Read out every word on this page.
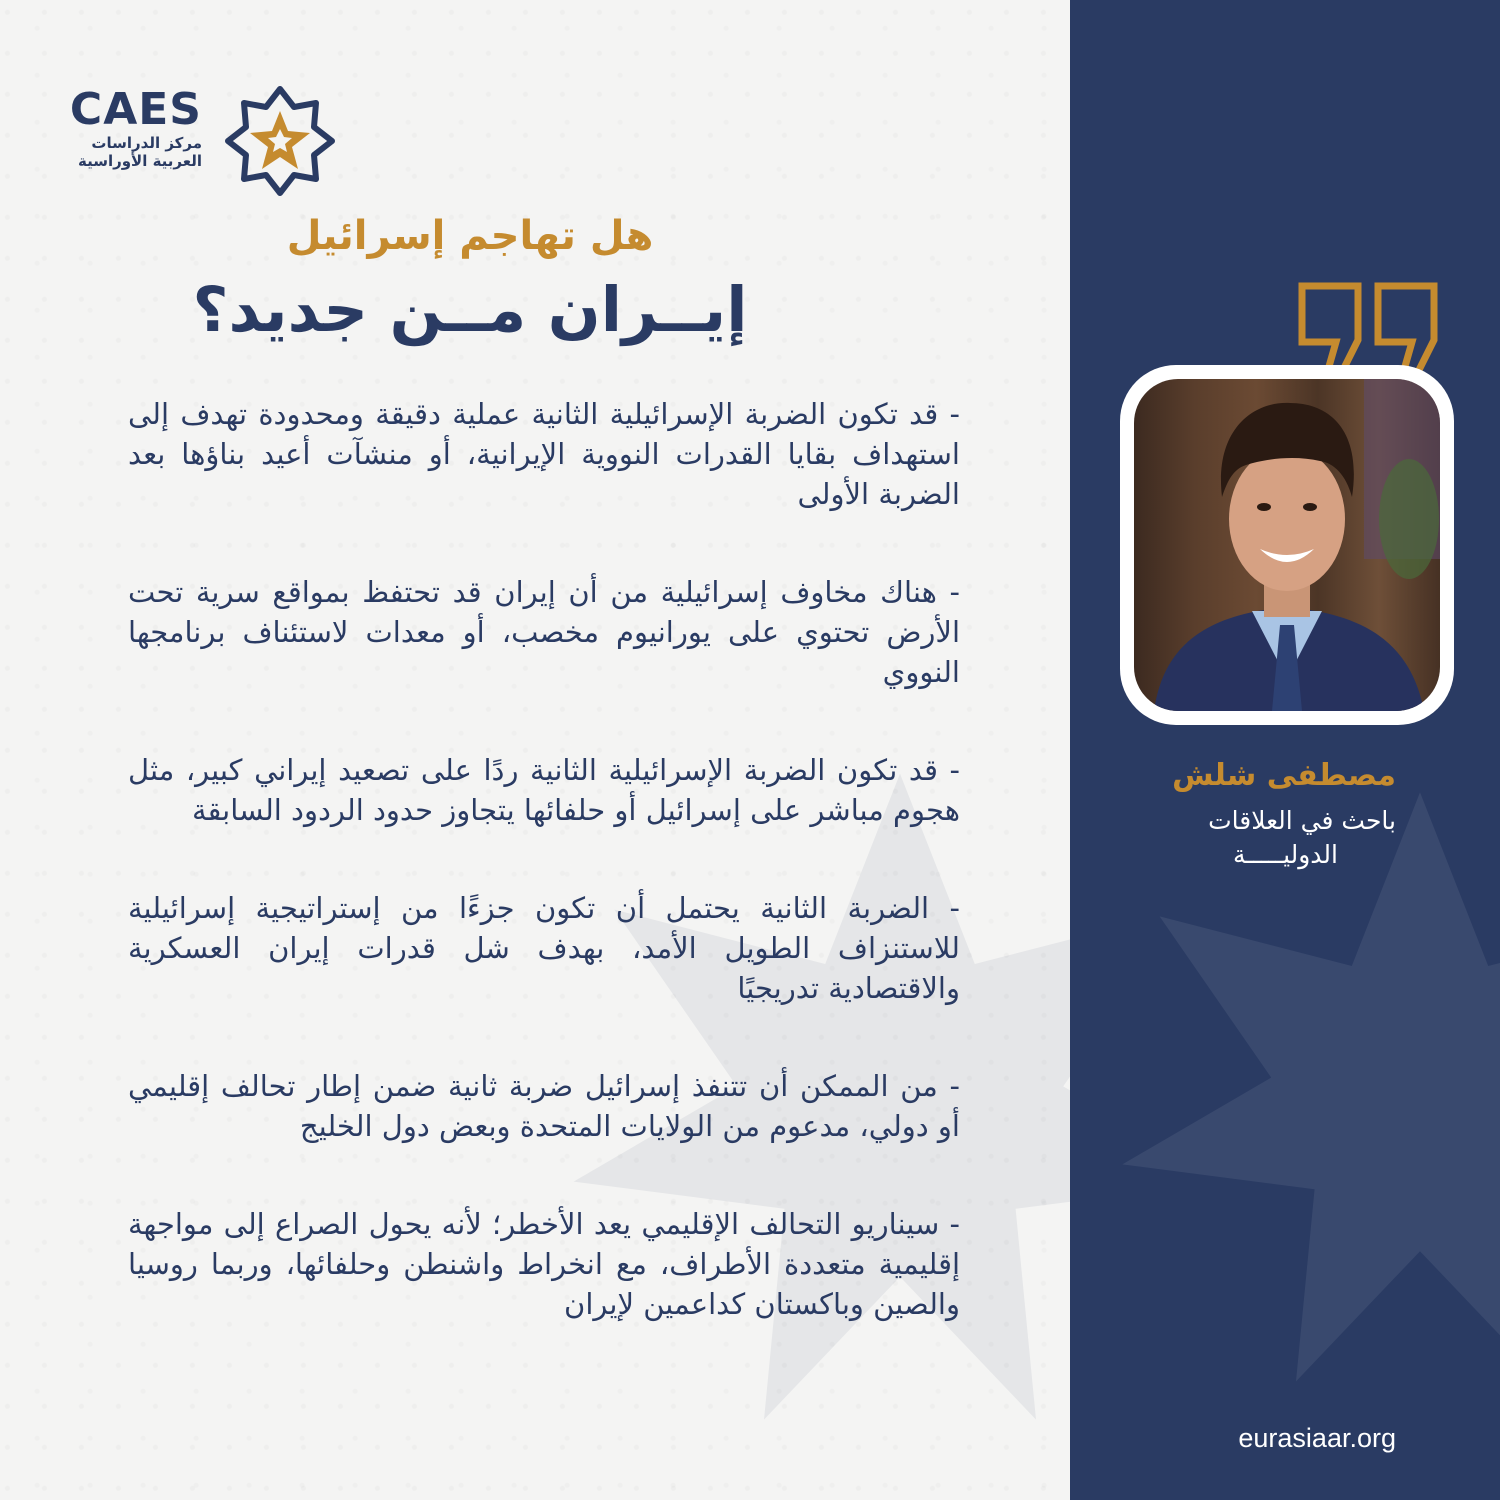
CAES
مركز الدراسات
العربية الأوراسية
هل تهاجم إسرائيل
إيــران مــن جديد؟

- قد تكون الضربة الإسرائيلية الثانية عملية دقيقة ومحدودة تهدف إلى استهداف بقايا القدرات النووية الإيرانية، أو منشآت أعيد بناؤها بعد الضربة الأولى

- هناك مخاوف إسرائيلية من أن إيران قد تحتفظ بمواقع سرية تحت الأرض تحتوي على يورانيوم مخصب، أو معدات لاستئناف برنامجها النووي

- قد تكون الضربة الإسرائيلية الثانية ردًا على تصعيد إيراني كبير، مثل هجوم مباشر على إسرائيل أو حلفائها يتجاوز حدود الردود السابقة

- الضربة الثانية يحتمل أن تكون جزءًا من إستراتيجية إسرائيلية للاستنزاف الطويل الأمد، بهدف شل قدرات إيران العسكرية والاقتصادية تدريجيًا

- من الممكن أن تتنفذ إسرائيل ضربة ثانية ضمن إطار تحالف إقليمي أو دولي، مدعوم من الولايات المتحدة وبعض دول الخليج

- سيناريو التحالف الإقليمي يعد الأخطر؛ لأنه يحول الصراع إلى مواجهة إقليمية متعددة الأطراف، مع انخراط واشنطن وحلفائها، وربما روسيا والصين وباكستان كداعمين لإيران

مصطفى شلش
باحث في العلاقات
الدوليـــــة
eurasiaar.org
